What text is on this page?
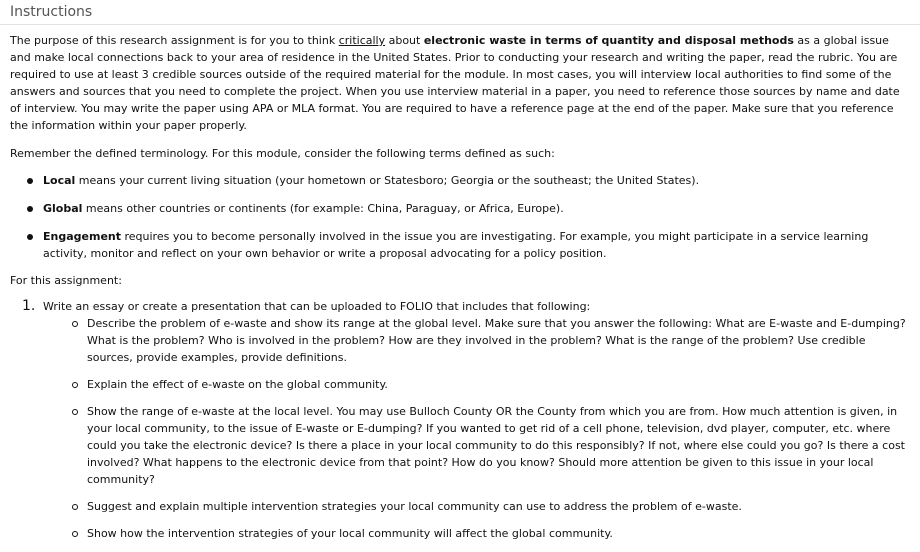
Instructions

The purpose of this research assignment is for you to think critically about electronic waste in terms of quantity and disposal methods as a global issue and make local connections back to your area of residence in the United States. Prior to conducting your research and writing the paper, read the rubric. You are required to use at least 3 credible sources outside of the required material for the module. In most cases, you will interview local authorities to find some of the answers and sources that you need to complete the project. When you use interview material in a paper, you need to reference those sources by name and date of interview. You may write the paper using APA or MLA format. You are required to have a reference page at the end of the paper. Make sure that you reference the information within your paper properly.

Remember the defined terminology. For this module, consider the following terms defined as such:

Local means your current living situation (your hometown or Statesboro; Georgia or the southeast; the United States).
Global means other countries or continents (for example: China, Paraguay, or Africa, Europe).
Engagement requires you to become personally involved in the issue you are investigating. For example, you might participate in a service learning activity, monitor and reflect on your own behavior or write a proposal advocating for a policy position.

For this assignment:

1. Write an essay or create a presentation that can be uploaded to FOLIO that includes that following:
Describe the problem of e-waste and show its range at the global level. Make sure that you answer the following: What are E-waste and E-dumping? What is the problem? Who is involved in the problem? How are they involved in the problem? What is the range of the problem? Use credible sources, provide examples, provide definitions.
Explain the effect of e-waste on the global community.
Show the range of e-waste at the local level. You may use Bulloch County OR the County from which you are from. How much attention is given, in your local community, to the issue of E-waste or E-dumping? If you wanted to get rid of a cell phone, television, dvd player, computer, etc. where could you take the electronic device? Is there a place in your local community to do this responsibly? If not, where else could you go? Is there a cost involved? What happens to the electronic device from that point? How do you know? Should more attention be given to this issue in your local community?
Suggest and explain multiple intervention strategies your local community can use to address the problem of e-waste.
Show how the intervention strategies of your local community will affect the global community.
